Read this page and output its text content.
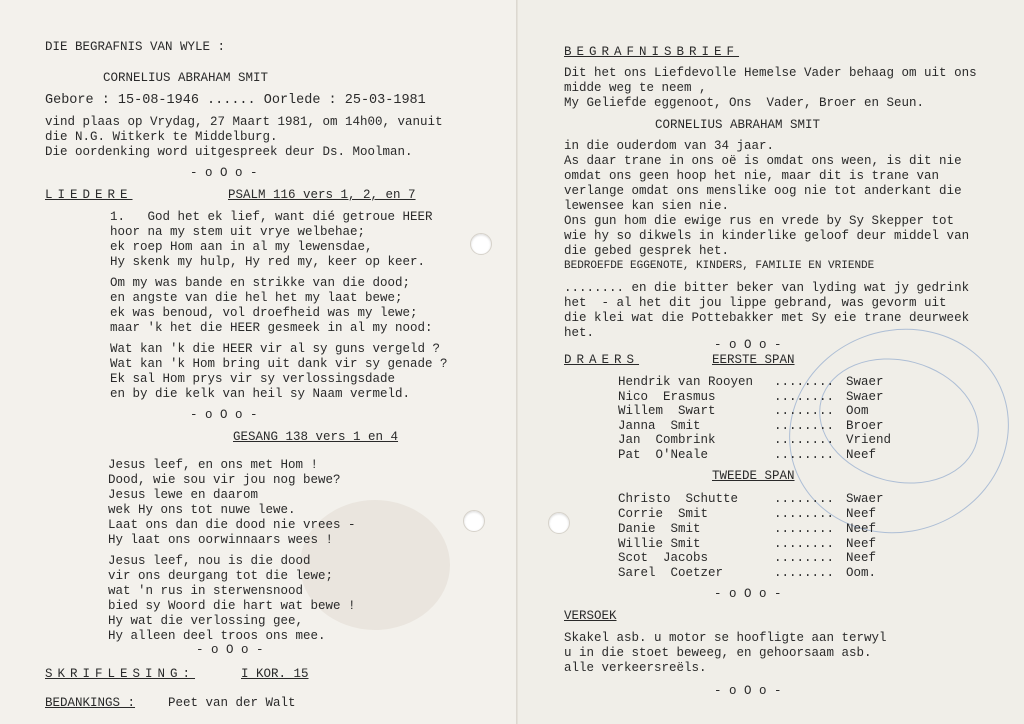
DIE BEGRAFNIS VAN WYLE :
CORNELIUS ABRAHAM SMIT
Gebore : 15-08-1946 ...... Oorlede : 25-03-1981
vind plaas op Vrydag, 27 Maart 1981, om 14h00, vanuit
die N.G. Witkerk te Middelburg.
Die oordenking word uitgespreek deur Ds. Moolman.
- o O o -
LIEDERE	PSALM 116 vers 1, 2, en 7
1.   God het ek lief, want dié getroue HEER
hoor na my stem uit vrye welbehae;
ek roep Hom aan in al my lewensdae,
Hy skenk my hulp, Hy red my, keer op keer.
Om my was bande en strikke van die dood;
en angste van die hel het my laat bewe;
ek was benoud, vol droefheid was my lewe;
maar 'k het die HEER gesmeek in al my nood:
Wat kan 'k die HEER vir al sy guns vergeld ?
Wat kan 'k Hom bring uit dank vir sy genade ?
Ek sal Hom prys vir sy verlossingsdade
en by die kelk van heil sy Naam vermeld.
- o O o -
GESANG 138 vers 1 en 4
Jesus leef, en ons met Hom !
Dood, wie sou vir jou nog bewe?
Jesus lewe en daarom
wek Hy ons tot nuwe lewe.
Laat ons dan die dood nie vrees -
Hy laat ons oorwinnaars wees !
Jesus leef, nou is die dood
vir ons deurgang tot die lewe;
wat 'n rus in sterwensnood
bied sy Woord die hart wat bewe !
Hy wat die verlossing gee,
Hy alleen deel troos ons mee.
- o O o -
SKRIFLESING:	I KOR. 15
BEDANKINGS :	Peet van der Walt
BEGRAFNISBRIEF
Dit het ons Liefdevolle Hemelse Vader behaag om uit ons
midde weg te neem ,
My Geliefde eggenoot, Ons  Vader, Broer en Seun.
CORNELIUS ABRAHAM SMIT
in die ouderdom van 34 jaar.
As daar trane in ons oë is omdat ons ween, is dit nie
omdat ons geen hoop het nie, maar dit is trane van
verlange omdat ons menslike oog nie tot anderkant die
lewensee kan sien nie.
Ons gun hom die ewige rus en vrede by Sy Skepper tot
wie hy so dikwels in kinderlike geloof deur middel van
die gebed gesprek het.
BEDROEFDE EGGENOTE, KINDERS, FAMILIE EN VRIENDE
........ en die bitter beker van lyding wat jy gedrink
het  - al het dit jou lippe gebrand, was gevorm uit
die klei wat die Pottebakker met Sy eie trane deurweek
het.
- o O o -
DRAERS	EERSTE SPAN
Hendrik van Rooyen ........ Swaer
Nico  Erasmus	........ Swaer
Willem  Swart	........ Oom
Janna  Smit	........ Broer
Jan  Combrink	........ Vriend
Pat  O'Neale	........ Neef
TWEEDE SPAN
Christo  Schutte	........ Swaer
Corrie  Smit	........ Neef
Danie  Smit	........ Neef
Willie Smit	........ Neef
Scot  Jacobs	........ Neef
Sarel  Coetzer	........ Oom.
- o O o -
VERSOEK
Skakel asb. u motor se hoofligte aan terwyl
u in die stoet beweeg, en gehoorsaam asb.
alle verkeersreëls.
- o O o -
